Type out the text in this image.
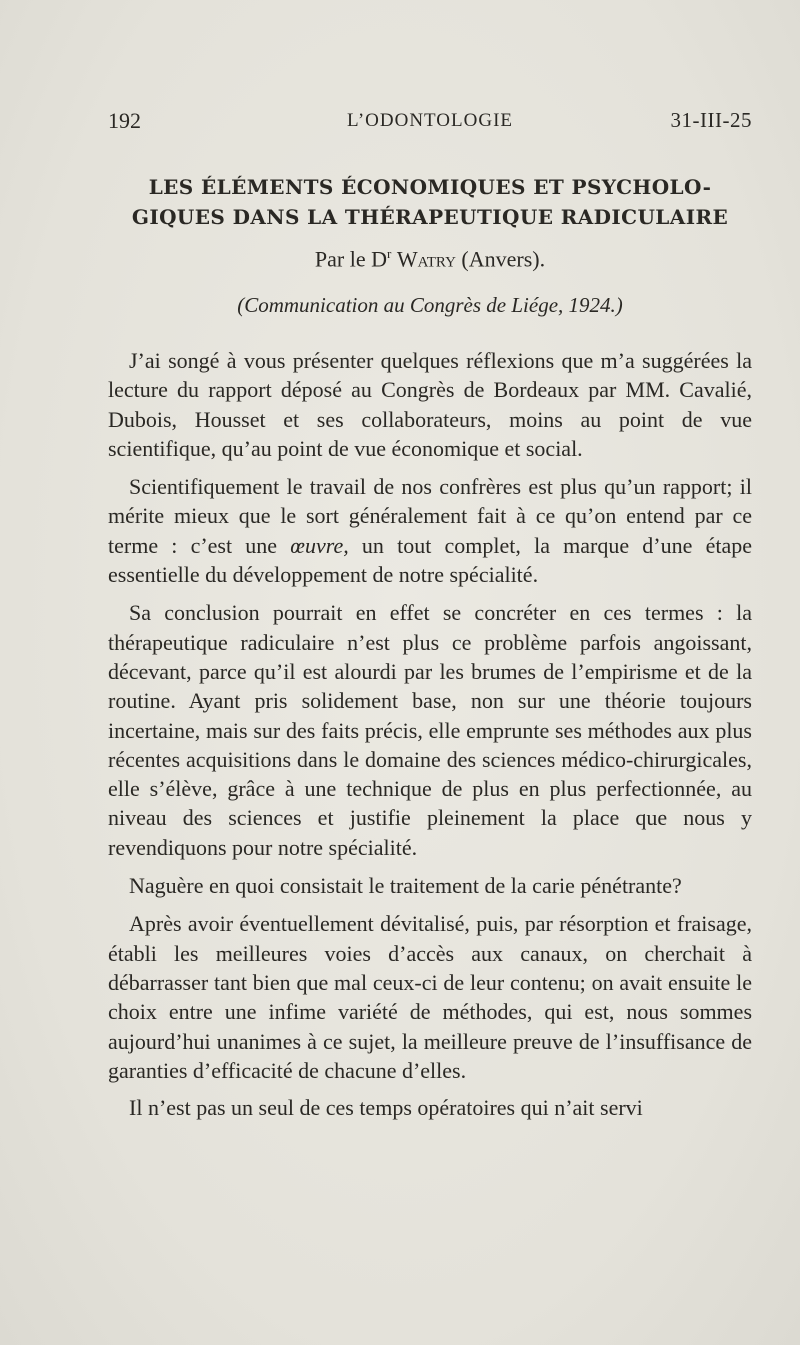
192	L’ODONTOLOGIE	31-III-25
LES ÉLÉMENTS ÉCONOMIQUES ET PSYCHOLO-GIQUES DANS LA THÉRAPEUTIQUE RADICULAIRE
Par le $D^r$ Watry (Anvers).
(Communication au Congrès de Liége, 1924.)

J’ai songé à vous présenter quelques réflexions que m’a suggérées la lecture du rapport déposé au Congrès de Bordeaux par MM. Cavalié, Dubois, Housset et ses collaborateurs, moins au point de vue scientifique, qu’au point de vue économique et social.

Scientifiquement le travail de nos confrères est plus qu’un rapport; il mérite mieux que le sort généralement fait à ce qu’on entend par ce terme : c’est une œuvre, un tout complet, la marque d’une étape essentielle du développement de notre spécialité.

Sa conclusion pourrait en effet se concréter en ces termes : la thérapeutique radiculaire n’est plus ce problème parfois angoissant, décevant, parce qu’il est alourdi par les brumes de l’empirisme et de la routine. Ayant pris solidement base, non sur une théorie toujours incertaine, mais sur des faits précis, elle emprunte ses méthodes aux plus récentes acquisitions dans le domaine des sciences médico-chirurgicales, elle s’élève, grâce à une technique de plus en plus perfectionnée, au niveau des sciences et justifie pleinement la place que nous y revendiquons pour notre spécialité.

Naguère en quoi consistait le traitement de la carie pénétrante?

Après avoir éventuellement dévitalisé, puis, par résorption et fraisage, établi les meilleures voies d’accès aux canaux, on cherchait à débarrasser tant bien que mal ceux-ci de leur contenu; on avait ensuite le choix entre une infime variété de méthodes, qui est, nous sommes aujourd’hui unanimes à ce sujet, la meilleure preuve de l’insuffisance de garanties d’efficacité de chacune d’elles.

Il n’est pas un seul de ces temps opératoires qui n’ait servi
